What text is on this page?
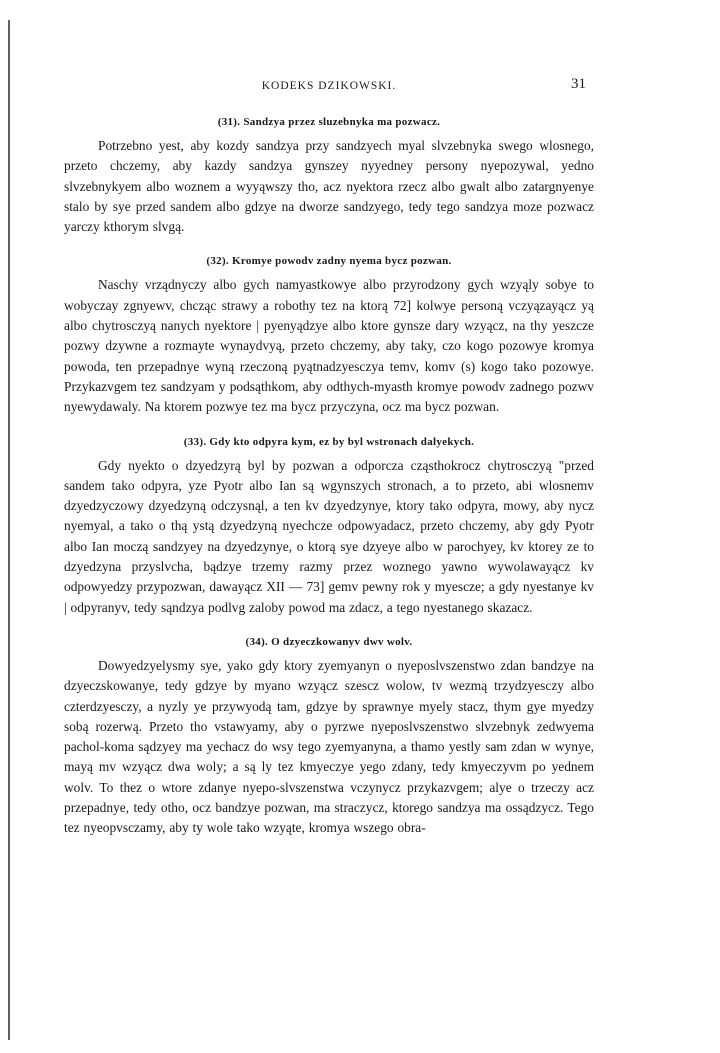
KODEKS DZIKOWSKI.	31
(31). Sandzya przez sluzebnyka ma pozwacz.

Potrzebno yest, aby kozdy sandzya przy sandzyech myal slvzebnyka swego wlosnego, przeto chczemy, aby kazdy sandzya gynszey nyyedney persony nyepozywal, yedno slvzebnykyem albo woznem a wyyąwszy tho, acz nyektora rzecz albo gwalt albo zatargnyenye stalo by sye przed sandem albo gdzye na dworze sandzyego, tedy tego sandzya moze pozwacz yarczy kthorym slvgą.

(32). Kromye powodv zadny nyema bycz pozwan.

Naschy vrządnyczy albo gych namyastkowye albo przyrodzony gych wzyąly sobye to wobyczay zgnyewv, chcząc strawy a robothy tez na ktorą 72] kolwye personą vczyązayącz yą albo chytrosczyą nanych nyektore | pyenyądzye albo ktore gynsze dary wzyącz, na thy yeszcze pozwy dzywne a rozmayte wynaydvyą, przeto chczemy, aby taky, czo kogo pozowye kromya powoda, ten przepadnye wyną rzeczoną pyątnadzyesczya temv, komv (s) kogo tako pozowye. Przykazvgem tez sandzyam y podsąthkom, aby odthych-myasth kromye powodv zadnego pozwv nyewydawaly. Na ktorem pozwye tez ma bycz przyczyna, ocz ma bycz pozwan.

(33). Gdy kto odpyra kym, ez by byl wstronach dalyekych.

Gdy nyekto o dzyedzyrą byl by pozwan a odporcza cząsthokrocz chytrosczyą "przed sandem tako odpyra, yze Pyotr albo Ian są wgynszych stronach, a to przeto, abi wlosnemv dzyedzyczowy dzyedzyną odczysnąl, a ten kv dzyedzynye, ktory tako odpyra, mowy, aby nycz nyemyal, a tako o thą ystą dzyedzyną nyechcze odpowyadacz, przeto chczemy, aby gdy Pyotr albo Ian moczą sandzyey na dzyedzynye, o ktorą sye dzyeye albo w parochyey, kv ktorey ze to dzyedzyna przyslvcha, bądzye trzemy razmy przez woznego yawno wywolawayącz kv odpowyedzy przypozwan, dawayącz XII — 73] gemv pewny rok y myescze; a gdy nyestanye kv | odpyranyv, tedy sąndzya podlvg zaloby powod ma zdacz, a tego nyestanego skazacz.

(34). O dzyeczkowanyv dwv wolv.

Dowyedzyelysmy sye, yako gdy ktory zyemyanyn o nyeposlvszenstwo zdan bandzye na dzyeczskowanye, tedy gdzye by myano wzyącz szescz wolow, tv wezmą trzydzyesczy albo czterdzyesczy, a nyzly ye przywyodą tam, gdzye by sprawnye myely stacz, thym gye myedzy sobą rozerwą. Przeto tho vstawyamy, aby o pyrzwe nyeposlvszenstwo slvzebnyk zedwyema pachol-koma sądzyey ma yechacz do wsy tego zyemyanyna, a thamo yestly sam zdan w wynye, mayą mv wzyącz dwa woly; a są ly tez kmyeczye yego zdany, tedy kmyeczyvm po yednem wolv. To thez o wtore zdanye nyepo-slvszenstwa vczynycz przykazvgem; alye o trzeczy acz przepadnye, tedy otho, ocz bandzye pozwan, ma straczycz, ktorego sandzya ma ossądzycz. Tego tez nyeopvsczamy, aby ty wole tako wzyąte, kromya wszego obra-
